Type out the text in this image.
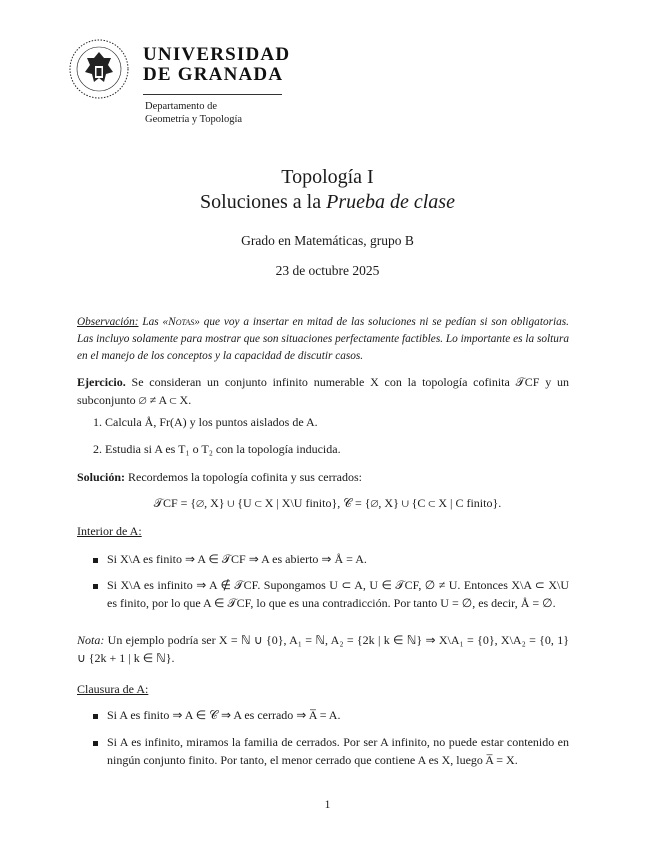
UNIVERSIDAD
DE GRANADA
Departamento de
Geometría y Topología
Topología I
Soluciones a la Prueba de clase
Grado en Matemáticas, grupo B
23 de octubre 2025
Observación: Las «Notas» que voy a insertar en mitad de las soluciones ni se pedían si son obligatorias. Las incluyo solamente para mostrar que son situaciones perfectamente factibles. Lo importante es la soltura en el manejo de los conceptos y la capacidad de discutir casos.
Ejercicio. Se consideran un conjunto infinito numerable X con la topología cofinita 𝒯CF y un subconjunto ∅ ≠ A ⊂ X.
1. Calcula Å, Fr(A) y los puntos aislados de A.
2. Estudia si A es T₁ o T₂ con la topología inducida.
Solución: Recordemos la topología cofinita y sus cerrados:
𝒯CF = {∅, X} ∪ {U ⊂ X | X\U finito}, 𝒞 = {∅, X} ∪ {C ⊂ X | C finito}.
Interior de A:
Si X\A es finito ⇒ A ∈ 𝒯CF ⇒ A es abierto ⇒ Å = A.
Si X\A es infinito ⇒ A ∉ 𝒯CF. Supongamos U ⊂ A, U ∈ 𝒯CF, ∅ ≠ U. Entonces X\A ⊂ X\U es finito, por lo que A ∈ 𝒯CF, lo que es una contradicción. Por tanto U = ∅, es decir, Å = ∅.
Nota: Un ejemplo podría ser X = ℕ ∪ {0}, A₁ = ℕ, A₂ = {2k | k ∈ ℕ} ⇒ X\A₁ = {0}, X\A₂ = {0, 1} ∪ {2k + 1 | k ∈ ℕ}.
Clausura de A:
Si A es finito ⇒ A ∈ 𝒞 ⇒ A es cerrado ⇒ A̅ = A.
Si A es infinito, miramos la familia de cerrados. Por ser A infinito, no puede estar contenido en ningún conjunto finito. Por tanto, el menor cerrado que contiene A es X, luego A̅ = X.
1
